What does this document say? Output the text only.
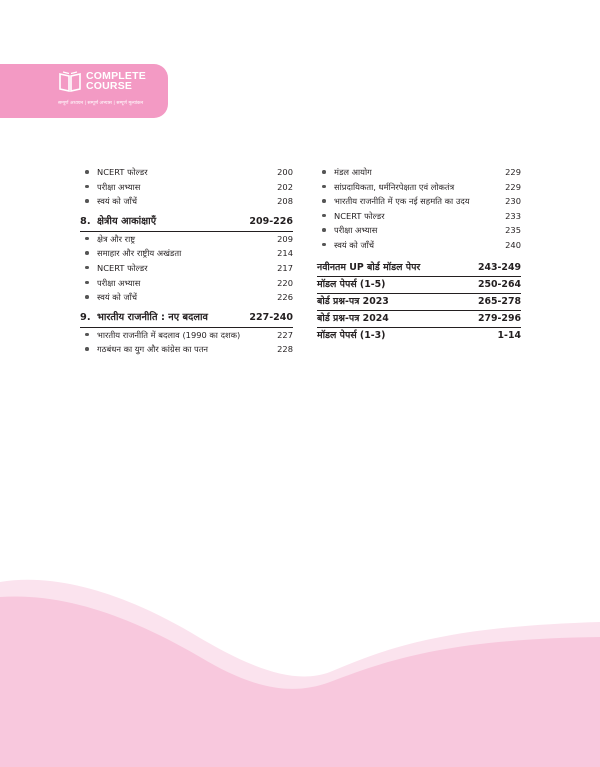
COMPLETE
COURSE
सम्पूर्ण अध्ययन | सम्पूर्ण अभ्यास | सम्पूर्ण मूल्यांकन
NCERT फोल्डर	200
परीक्षा अभ्यास	202
स्वयं को जाँचें	208
8. क्षेत्रीय आकांक्षाएँ	209-226
क्षेत्र और राष्ट्र	209
समाहार और राष्ट्रीय अखंडता	214
NCERT फोल्डर	217
परीक्षा अभ्यास	220
स्वयं को जाँचें	226
9. भारतीय राजनीति : नए बदलाव	227-240
भारतीय राजनीति में बदलाव (1990 का दशक)	227
गठबंधन का युग और कांग्रेस का पतन	228
मंडल आयोग	229
सांप्रदायिकता, धर्मनिरपेक्षता एवं लोकतंत्र	229
भारतीय राजनीति में एक नई सहमति का उदय	230
NCERT फोल्डर	233
परीक्षा अभ्यास	235
स्वयं को जाँचें	240
नवीनतम UP बोर्ड मॉडल पेपर	243-249
मॉडल पेपर्स (1-5)	250-264
बोर्ड प्रश्न-पत्र 2023	265-278
बोर्ड प्रश्न-पत्र 2024	279-296
मॉडल पेपर्स (1-3)	1-14
